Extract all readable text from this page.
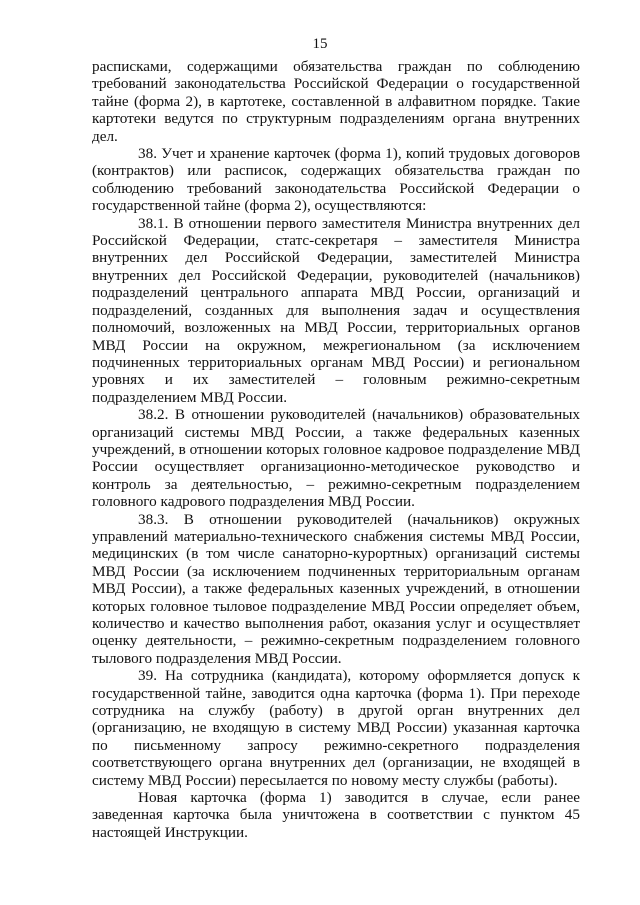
15

расписками, содержащими обязательства граждан по соблюдению требований законодательства Российской Федерации о государственной тайне (форма 2), в картотеке, составленной в алфавитном порядке. Такие картотеки ведутся по структурным подразделениям органа внутренних дел.

38. Учет и хранение карточек (форма 1), копий трудовых договоров (контрактов) или расписок, содержащих обязательства граждан по соблюдению требований законодательства Российской Федерации о государственной тайне (форма 2), осуществляются:

38.1. В отношении первого заместителя Министра внутренних дел Российской Федерации, статс-секретаря – заместителя Министра внутренних дел Российской Федерации, заместителей Министра внутренних дел Российской Федерации, руководителей (начальников) подразделений центрального аппарата МВД России, организаций и подразделений, созданных для выполнения задач и осуществления полномочий, возложенных на МВД России, территориальных органов МВД России на окружном, межрегиональном (за исключением подчиненных территориальных органам МВД России) и региональном уровнях и их заместителей – головным режимно-секретным подразделением МВД России.

38.2. В отношении руководителей (начальников) образовательных организаций системы МВД России, а также федеральных казенных учреждений, в отношении которых головное кадровое подразделение МВД России осуществляет организационно-методическое руководство и контроль за деятельностью, – режимно-секретным подразделением головного кадрового подразделения МВД России.

38.3. В отношении руководителей (начальников) окружных управлений материально-технического снабжения системы МВД России, медицинских (в том числе санаторно-курортных) организаций системы МВД России (за исключением подчиненных территориальным органам МВД России), а также федеральных казенных учреждений, в отношении которых головное тыловое подразделение МВД России определяет объем, количество и качество выполнения работ, оказания услуг и осуществляет оценку деятельности, – режимно-секретным подразделением головного тылового подразделения МВД России.

39. На сотрудника (кандидата), которому оформляется допуск к государственной тайне, заводится одна карточка (форма 1). При переходе сотрудника на службу (работу) в другой орган внутренних дел (организацию, не входящую в систему МВД России) указанная карточка по письменному запросу режимно-секретного подразделения соответствующего органа внутренних дел (организации, не входящей в систему МВД России) пересылается по новому месту службы (работы).

Новая карточка (форма 1) заводится в случае, если ранее заведенная карточка была уничтожена в соответствии с пунктом 45 настоящей Инструкции.
